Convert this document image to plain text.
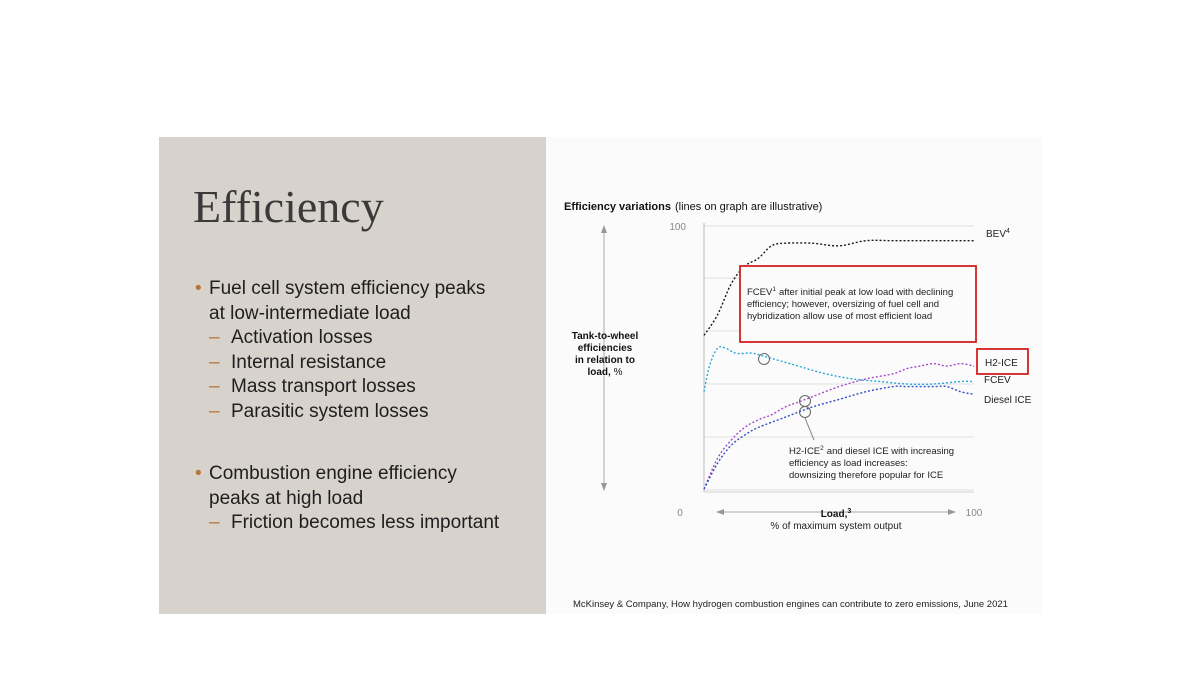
Efficiency
• Fuel cell system efficiency peaks
at low-intermediate load
– Activation losses
– Internal resistance
– Mass transport losses
– Parasitic system losses
• Combustion engine efficiency
peaks at high load
– Friction becomes less important
Efficiency variations (lines on graph are illustrative)
Tank-to-wheel
efficiencies
in relation to
load, %
100
0	100
Load,$^3$
% of maximum system output
BEV$^4$
H2-ICE
FCEV
Diesel ICE
FCEV$^1$ after initial peak at low load with declining
efficiency; however, oversizing of fuel cell and
hybridization allow use of most efficient load
H2-ICE$^2$ and diesel ICE with increasing
efficiency as load increases:
downsizing therefore popular for ICE
McKinsey & Company, How hydrogen combustion engines can contribute to zero emissions, June 2021
